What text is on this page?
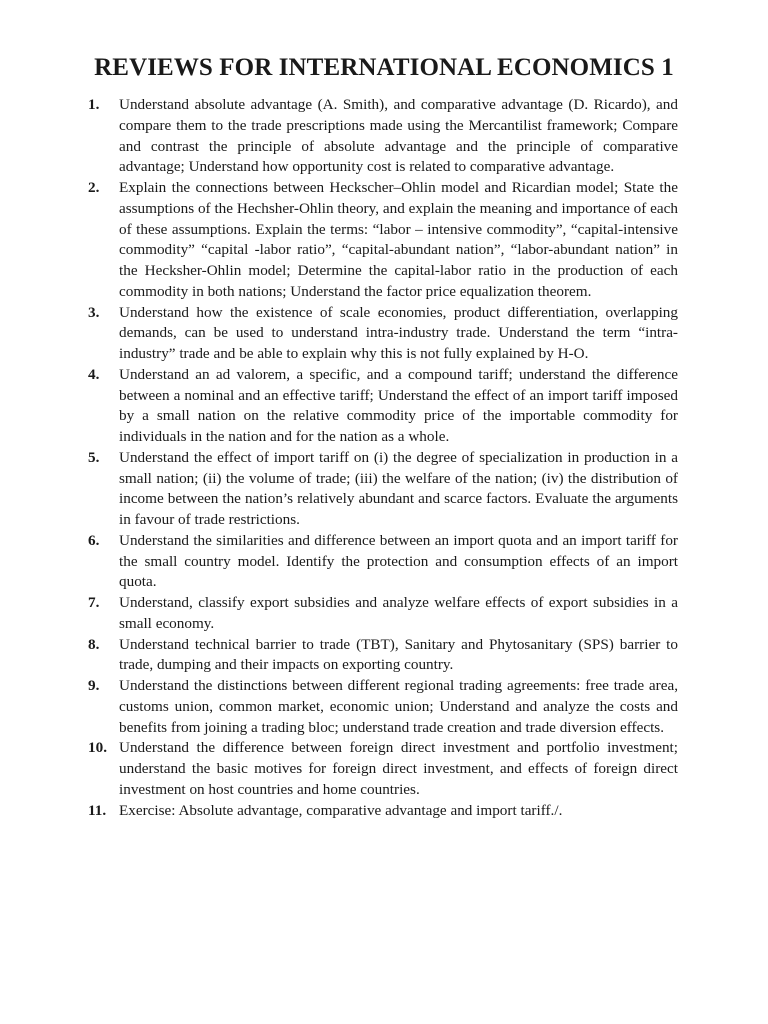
REVIEWS FOR INTERNATIONAL ECONOMICS 1
1. Understand absolute advantage (A. Smith), and comparative advantage (D. Ricardo), and compare them to the trade prescriptions made using the Mercantilist framework; Compare and contrast the principle of absolute advantage and the principle of comparative advantage; Understand how opportunity cost is related to comparative advantage.
2. Explain the connections between Heckscher–Ohlin model and Ricardian model; State the assumptions of the Hechsher-Ohlin theory, and explain the meaning and importance of each of these assumptions. Explain the terms: “labor – intensive commodity”, “capital-intensive commodity” “capital -labor ratio”, “capital-abundant nation”, “labor-abundant nation” in the Hecksher-Ohlin model; Determine the capital-labor ratio in the production of each commodity in both nations; Understand the factor price equalization theorem.
3. Understand how the existence of scale economies, product differentiation, overlapping demands, can be used to understand intra-industry trade. Understand the term “intra-industry” trade and be able to explain why this is not fully explained by H-O.
4. Understand an ad valorem, a specific, and a compound tariff; understand the difference between a nominal and an effective tariff; Understand the effect of an import tariff imposed by a small nation on the relative commodity price of the importable commodity for individuals in the nation and for the nation as a whole.
5. Understand the effect of import tariff on (i) the degree of specialization in production in a small nation; (ii) the volume of trade; (iii) the welfare of the nation; (iv) the distribution of income between the nation’s relatively abundant and scarce factors. Evaluate the arguments in favour of trade restrictions.
6. Understand the similarities and difference between an import quota and an import tariff for the small country model. Identify the protection and consumption effects of an import quota.
7. Understand, classify export subsidies and analyze welfare effects of export subsidies in a small economy.
8. Understand technical barrier to trade (TBT), Sanitary and Phytosanitary (SPS) barrier to trade, dumping and their impacts on exporting country.
9. Understand the distinctions between different regional trading agreements: free trade area, customs union, common market, economic union; Understand and analyze the costs and benefits from joining a trading bloc; understand trade creation and trade diversion effects.
10. Understand the difference between foreign direct investment and portfolio investment; understand the basic motives for foreign direct investment, and effects of foreign direct investment on host countries and home countries.
11. Exercise: Absolute advantage, comparative advantage and import tariff./.
